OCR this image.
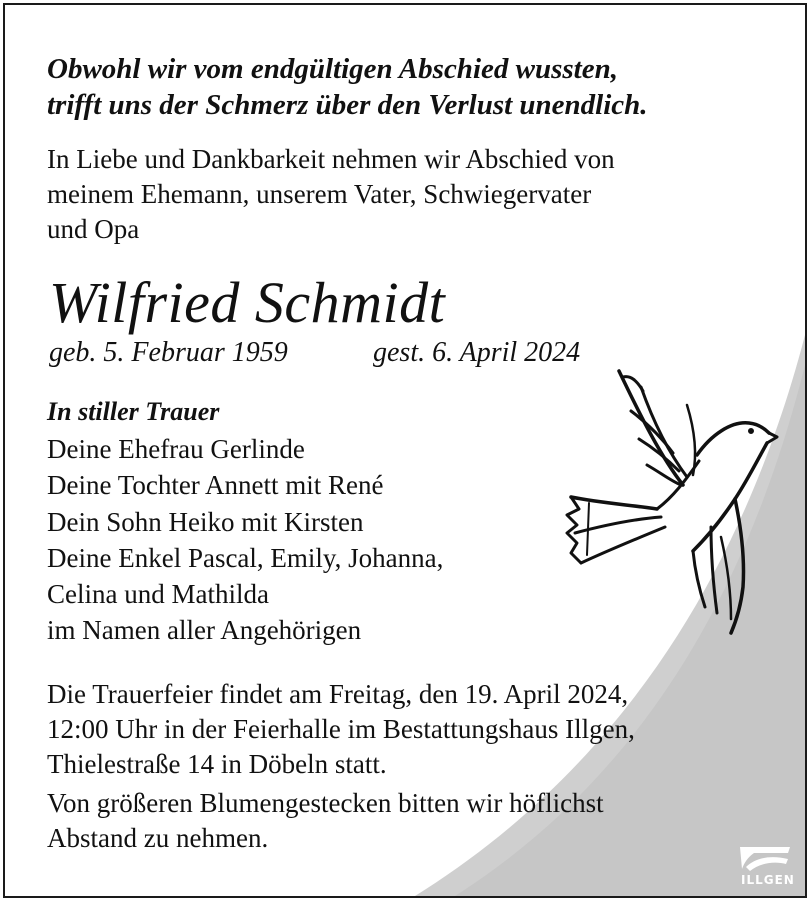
Obwohl wir vom endgültigen Abschied wussten,
trifft uns der Schmerz über den Verlust unendlich.
In Liebe und Dankbarkeit nehmen wir Abschied von
meinem Ehemann, unserem Vater, Schwiegervater
und Opa
Wilfried Schmidt
geb. 5. Februar 1959	gest. 6. April 2024
In stiller Trauer
Deine Ehefrau Gerlinde
Deine Tochter Annett mit René
Dein Sohn Heiko mit Kirsten
Deine Enkel Pascal, Emily, Johanna,
Celina und Mathilda
im Namen aller Angehörigen
Die Trauerfeier findet am Freitag, den 19. April 2024,
12:00 Uhr in der Feierhalle im Bestattungshaus Illgen,
Thielestraße 14 in Döbeln statt.
Von größeren Blumengestecken bitten wir höflichst
Abstand zu nehmen.
ILLGEN
